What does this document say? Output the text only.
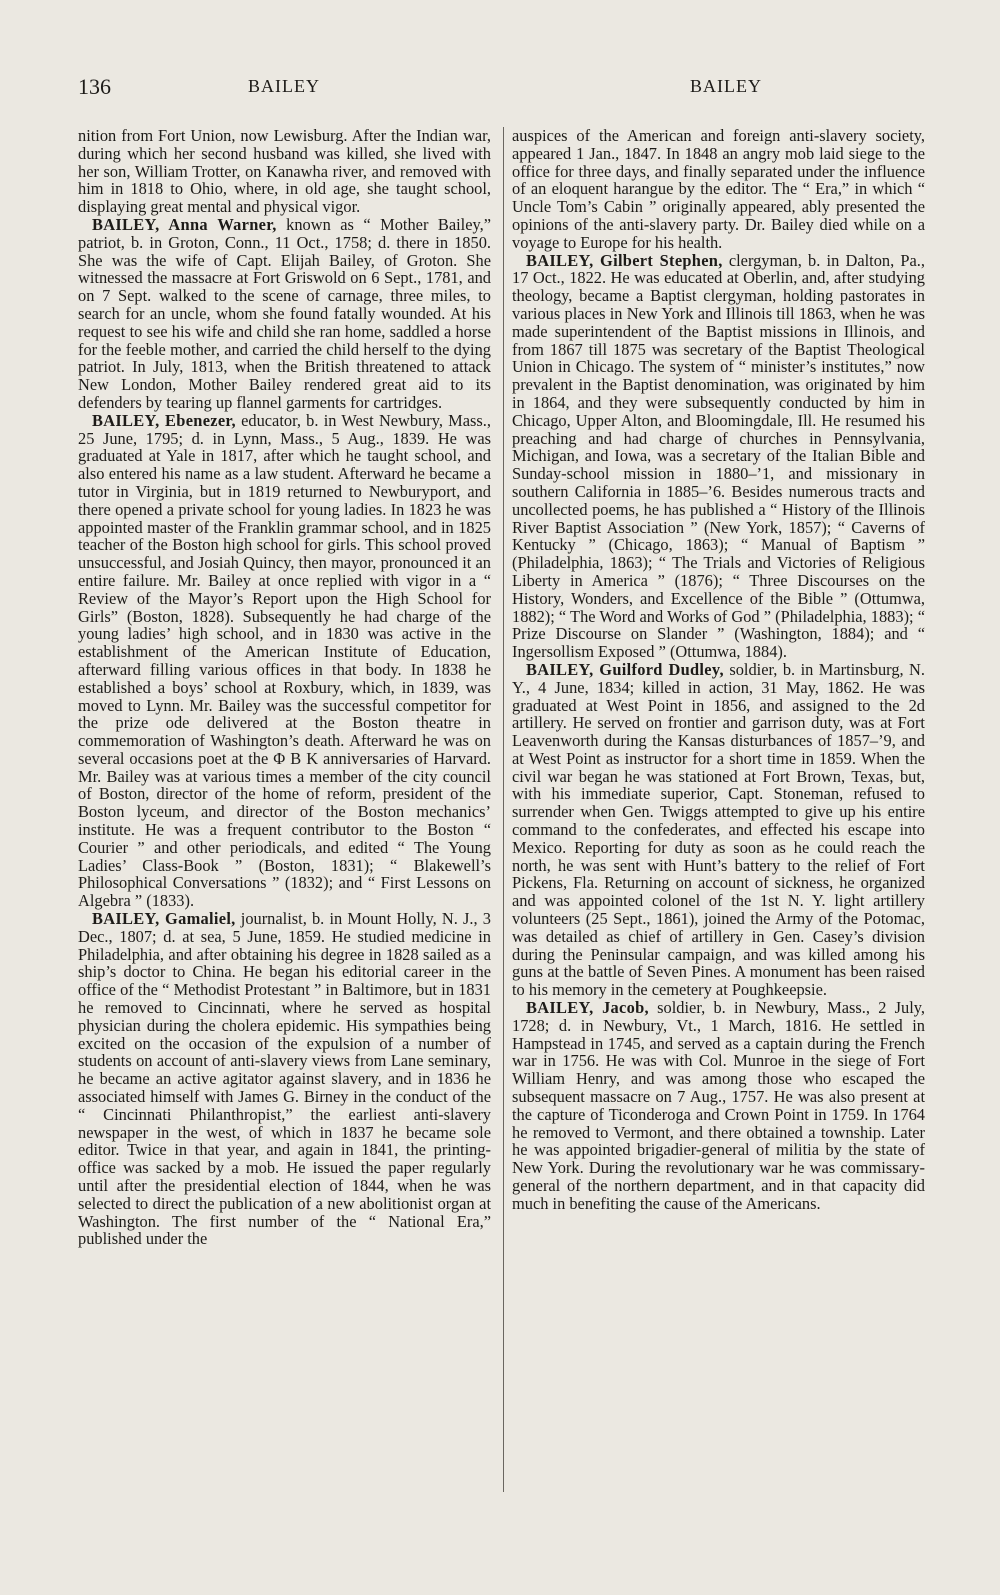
136	BAILEY	BAILEY

nition from Fort Union, now Lewisburg. After the Indian war, during which her second husband was killed, she lived with her son, William Trotter, on Kanawha river, and removed with him in 1818 to Ohio, where, in old age, she taught school, displaying great mental and physical vigor.

BAILEY, Anna Warner, known as “ Mother Bailey,” patriot, b. in Groton, Conn., 11 Oct., 1758; d. there in 1850. She was the wife of Capt. Elijah Bailey, of Groton. She witnessed the massacre at Fort Griswold on 6 Sept., 1781, and on 7 Sept. walked to the scene of carnage, three miles, to search for an uncle, whom she found fatally wounded. At his request to see his wife and child she ran home, saddled a horse for the feeble mother, and carried the child herself to the dying patriot. In July, 1813, when the British threatened to attack New London, Mother Bailey rendered great aid to its defenders by tearing up flannel garments for cartridges.

BAILEY, Ebenezer, educator, b. in West Newbury, Mass., 25 June, 1795; d. in Lynn, Mass., 5 Aug., 1839. He was graduated at Yale in 1817, after which he taught school, and also entered his name as a law student. Afterward he became a tutor in Virginia, but in 1819 returned to Newburyport, and there opened a private school for young ladies. In 1823 he was appointed master of the Franklin grammar school, and in 1825 teacher of the Boston high school for girls. This school proved unsuccessful, and Josiah Quincy, then mayor, pronounced it an entire failure. Mr. Bailey at once replied with vigor in a “ Review of the Mayor’s Report upon the High School for Girls” (Boston, 1828). Subsequently he had charge of the young ladies’ high school, and in 1830 was active in the establishment of the American Institute of Education, afterward filling various offices in that body. In 1838 he established a boys’ school at Roxbury, which, in 1839, was moved to Lynn. Mr. Bailey was the successful competitor for the prize ode delivered at the Boston theatre in commemoration of Washington’s death. Afterward he was on several occasions poet at the Φ B K anniversaries of Harvard. Mr. Bailey was at various times a member of the city council of Boston, director of the home of reform, president of the Boston lyceum, and director of the Boston mechanics’ institute. He was a frequent contributor to the Boston “ Courier ” and other periodicals, and edited “ The Young Ladies’ Class-Book ” (Boston, 1831); “ Blakewell’s Philosophical Conversations ” (1832); and “ First Lessons on Algebra ” (1833).

BAILEY, Gamaliel, journalist, b. in Mount Holly, N. J., 3 Dec., 1807; d. at sea, 5 June, 1859. He studied medicine in Philadelphia, and after obtaining his degree in 1828 sailed as a ship’s doctor to China. He began his editorial career in the office of the “ Methodist Protestant ” in Baltimore, but in 1831 he removed to Cincinnati, where he served as hospital physician during the cholera epidemic. His sympathies being excited on the occasion of the expulsion of a number of students on account of anti-slavery views from Lane seminary, he became an active agitator against slavery, and in 1836 he associated himself with James G. Birney in the conduct of the “ Cincinnati Philanthropist,” the earliest anti-slavery newspaper in the west, of which in 1837 he became sole editor. Twice in that year, and again in 1841, the printing-office was sacked by a mob. He issued the paper regularly until after the presidential election of 1844, when he was selected to direct the publication of a new abolitionist organ at Washington. The first number of the “ National Era,” published under the

auspices of the American and foreign anti-slavery society, appeared 1 Jan., 1847. In 1848 an angry mob laid siege to the office for three days, and finally separated under the influence of an eloquent harangue by the editor. The “ Era,” in which “ Uncle Tom’s Cabin ” originally appeared, ably presented the opinions of the anti-slavery party. Dr. Bailey died while on a voyage to Europe for his health.

BAILEY, Gilbert Stephen, clergyman, b. in Dalton, Pa., 17 Oct., 1822. He was educated at Oberlin, and, after studying theology, became a Baptist clergyman, holding pastorates in various places in New York and Illinois till 1863, when he was made superintendent of the Baptist missions in Illinois, and from 1867 till 1875 was secretary of the Baptist Theological Union in Chicago. The system of “ minister’s institutes,” now prevalent in the Baptist denomination, was originated by him in 1864, and they were subsequently conducted by him in Chicago, Upper Alton, and Bloomingdale, Ill. He resumed his preaching and had charge of churches in Pennsylvania, Michigan, and Iowa, was a secretary of the Italian Bible and Sunday-school mission in 1880–’1, and missionary in southern California in 1885–’6. Besides numerous tracts and uncollected poems, he has published a “ History of the Illinois River Baptist Association ” (New York, 1857); “ Caverns of Kentucky ” (Chicago, 1863); “ Manual of Baptism ” (Philadelphia, 1863); “ The Trials and Victories of Religious Liberty in America ” (1876); “ Three Discourses on the History, Wonders, and Excellence of the Bible ” (Ottumwa, 1882); “ The Word and Works of God ” (Philadelphia, 1883); “ Prize Discourse on Slander ” (Washington, 1884); and “ Ingersollism Exposed ” (Ottumwa, 1884).

BAILEY, Guilford Dudley, soldier, b. in Martinsburg, N. Y., 4 June, 1834; killed in action, 31 May, 1862. He was graduated at West Point in 1856, and assigned to the 2d artillery. He served on frontier and garrison duty, was at Fort Leavenworth during the Kansas disturbances of 1857–’9, and at West Point as instructor for a short time in 1859. When the civil war began he was stationed at Fort Brown, Texas, but, with his immediate superior, Capt. Stoneman, refused to surrender when Gen. Twiggs attempted to give up his entire command to the confederates, and effected his escape into Mexico. Reporting for duty as soon as he could reach the north, he was sent with Hunt’s battery to the relief of Fort Pickens, Fla. Returning on account of sickness, he organized and was appointed colonel of the 1st N. Y. light artillery volunteers (25 Sept., 1861), joined the Army of the Potomac, was detailed as chief of artillery in Gen. Casey’s division during the Peninsular campaign, and was killed among his guns at the battle of Seven Pines. A monument has been raised to his memory in the cemetery at Poughkeepsie.

BAILEY, Jacob, soldier, b. in Newbury, Mass., 2 July, 1728; d. in Newbury, Vt., 1 March, 1816. He settled in Hampstead in 1745, and served as a captain during the French war in 1756. He was with Col. Munroe in the siege of Fort William Henry, and was among those who escaped the subsequent massacre on 7 Aug., 1757. He was also present at the capture of Ticonderoga and Crown Point in 1759. In 1764 he removed to Vermont, and there obtained a township. Later he was appointed brigadier-general of militia by the state of New York. During the revolutionary war he was commissary-general of the northern department, and in that capacity did much in benefiting the cause of the Americans.
